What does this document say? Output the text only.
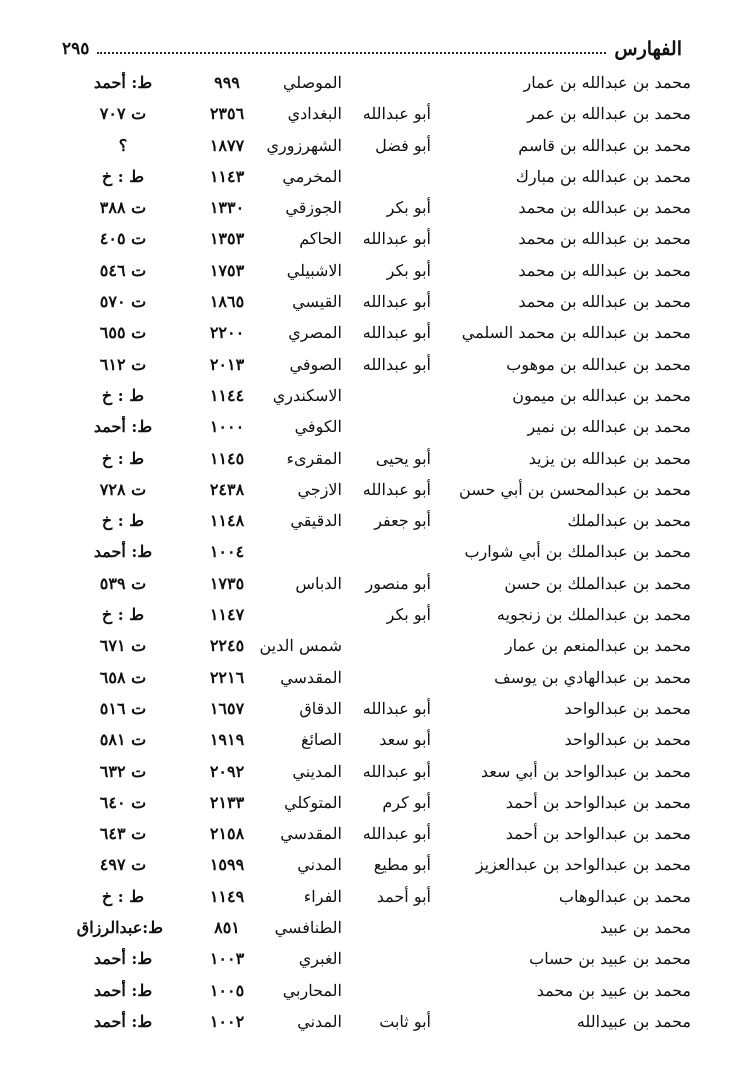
الفهارس
٢٩٥
محمد بن عبدالله بن عمار
الموصلي
٩٩٩
ط: أحمد
محمد بن عبدالله بن عمر
أبو عبدالله
البغدادي
٢٣٥٦
ت ٧٠٧
محمد بن عبدالله بن قاسم
أبو فضل
الشهرزوري
١٨٧٧
؟
محمد بن عبدالله بن مبارك
المخرمي
١١٤٣
ط : خ
محمد بن عبدالله بن محمد
أبو بكر
الجوزقي
١٣٣٠
ت ٣٨٨
محمد بن عبدالله بن محمد
أبو عبدالله
الحاكم
١٣٥٣
ت ٤٠٥
محمد بن عبدالله بن محمد
أبو بكر
الاشبيلي
١٧٥٣
ت ٥٤٦
محمد بن عبدالله بن محمد
أبو عبدالله
القيسي
١٨٦٥
ت ٥٧٠
محمد بن عبدالله بن محمد السلمي
أبو عبدالله
المصري
٢٢٠٠
ت ٦٥٥
محمد بن عبدالله بن موهوب
أبو عبدالله
الصوفي
٢٠١٣
ت ٦١٢
محمد بن عبدالله بن ميمون
الاسكندري
١١٤٤
ط : خ
محمد بن عبدالله بن نمير
الكوفي
١٠٠٠
ط: أحمد
محمد بن عبدالله بن يزيد
أبو يحيى
المقرىء
١١٤٥
ط : خ
محمد بن عبدالمحسن بن أبي حسن
أبو عبدالله
الازجي
٢٤٣٨
ت ٧٢٨
محمد بن عبدالملك
أبو جعفر
الدقيقي
١١٤٨
ط : خ
محمد بن عبدالملك بن أبي شوارب
١٠٠٤
ط: أحمد
محمد بن عبدالملك بن حسن
أبو منصور
الدباس
١٧٣٥
ت ٥٣٩
محمد بن عبدالملك بن زنجويه
أبو بكر
١١٤٧
ط : خ
محمد بن عبدالمنعم بن عمار
شمس الدين
٢٢٤٥
ت ٦٧١
محمد بن عبدالهادي بن يوسف
المقدسي
٢٢١٦
ت ٦٥٨
محمد بن عبدالواحد
أبو عبدالله
الدقاق
١٦٥٧
ت ٥١٦
محمد بن عبدالواحد
أبو سعد
الصائغ
١٩١٩
ت ٥٨١
محمد بن عبدالواحد بن أبي سعد
أبو عبدالله
المديني
٢٠٩٢
ت ٦٣٢
محمد بن عبدالواحد بن أحمد
أبو كرم
المتوكلي
٢١٣٣
ت ٦٤٠
محمد بن عبدالواحد بن أحمد
أبو عبدالله
المقدسي
٢١٥٨
ت ٦٤٣
محمد بن عبدالواحد بن عبدالعزيز
أبو مطيع
المدني
١٥٩٩
ت ٤٩٧
محمد بن عبدالوهاب
أبو أحمد
الفراء
١١٤٩
ط : خ
محمد بن عبيد
الطنافسي
٨٥١
ط:عبدالرزاق
محمد بن عبيد بن حساب
الغبري
١٠٠٣
ط: أحمد
محمد بن عبيد بن محمد
المحاربي
١٠٠٥
ط: أحمد
محمد بن عبيدالله
أبو ثابت
المدني
١٠٠٢
ط: أحمد
